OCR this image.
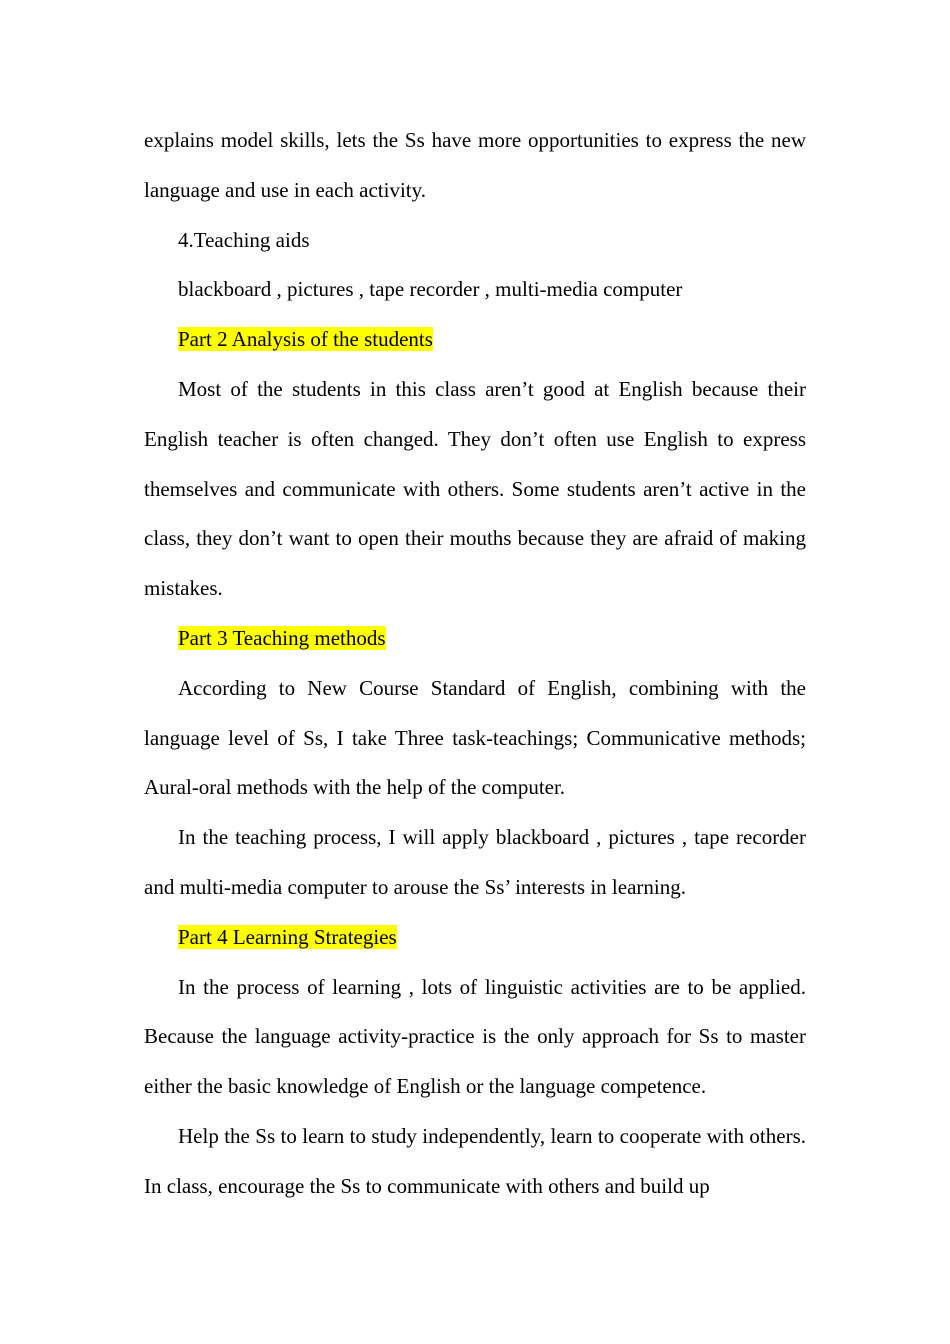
explains model skills, lets the Ss have more opportunities to express the new language and use in each activity.

4.Teaching aids

blackboard , pictures , tape recorder , multi-media computer

Part 2 Analysis of the students

Most of the students in this class aren’t good at English because their English teacher is often changed. They don’t often use English to express themselves and communicate with others. Some students aren’t active in the class, they don’t want to open their mouths because they are afraid of making mistakes.

Part 3 Teaching methods

According to New Course Standard of English, combining with the language level of Ss, I take Three task-teachings; Communicative methods; Aural-oral methods with the help of the computer.

In the teaching process, I will apply blackboard , pictures , tape recorder and multi-media computer to arouse the Ss’ interests in learning.

Part 4 Learning Strategies

In the process of learning , lots of linguistic activities are to be applied. Because the language activity-practice is the only approach for Ss to master either the basic knowledge of English or the language competence.

Help the Ss to learn to study independently, learn to cooperate with others. In class, encourage the Ss to communicate with others and build up
